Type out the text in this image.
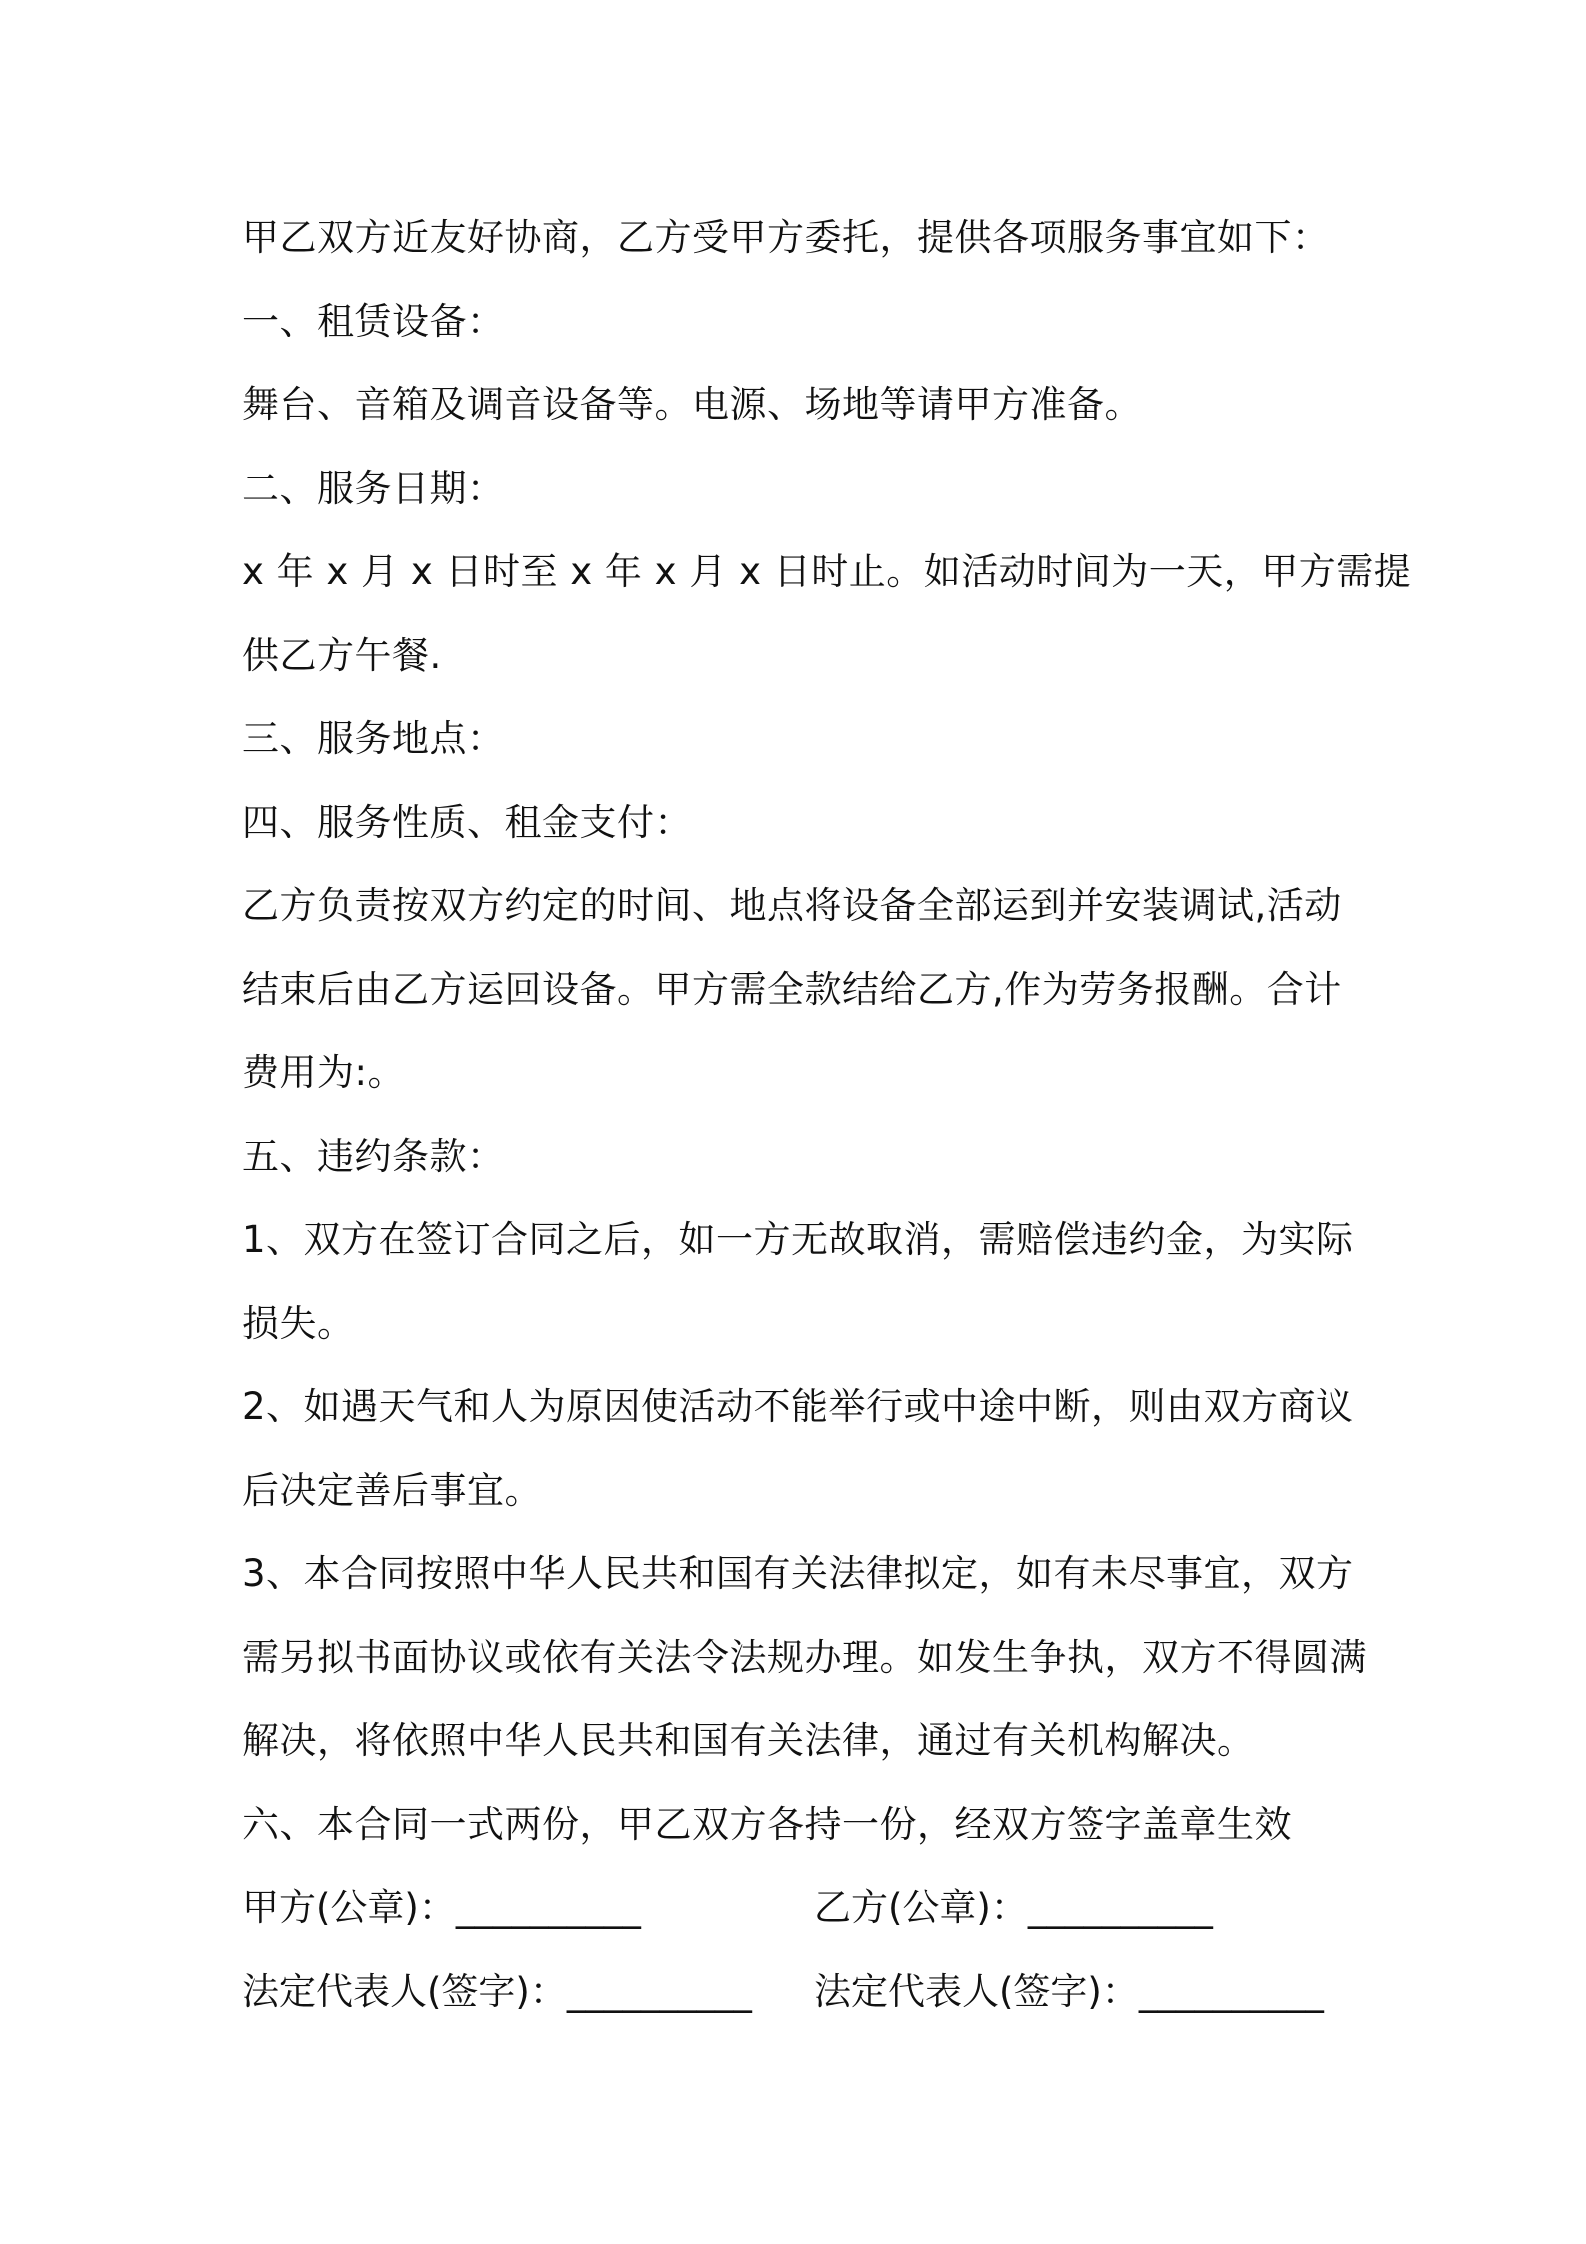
甲乙双方近友好协商，乙方受甲方委托，提供各项服务事宜如下：
一、租赁设备：
舞台、音箱及调音设备等。电源、场地等请甲方准备。
二、服务日期：
x 年 x 月 x 日时至 x 年 x 月 x 日时止。如活动时间为一天，甲方需提
供乙方午餐.
三、服务地点：
四、服务性质、租金支付：
乙方负责按双方约定的时间、地点将设备全部运到并安装调试,活动
结束后由乙方运回设备。甲方需全款结给乙方,作为劳务报酬。合计
费用为:。
五、违约条款：
1、双方在签订合同之后，如一方无故取消，需赔偿违约金，为实际
损失。
2、如遇天气和人为原因使活动不能举行或中途中断，则由双方商议
后决定善后事宜。
3、本合同按照中华人民共和国有关法律拟定，如有未尽事宜，双方
需另拟书面协议或依有关法令法规办理。如发生争执，双方不得圆满
解决，将依照中华人民共和国有关法律，通过有关机构解决。
六、本合同一式两份，甲乙双方各持一份，经双方签字盖章生效
甲方(公章)：__________	乙方(公章)：__________
法定代表人(签字)：__________ 法定代表人(签字)：__________
